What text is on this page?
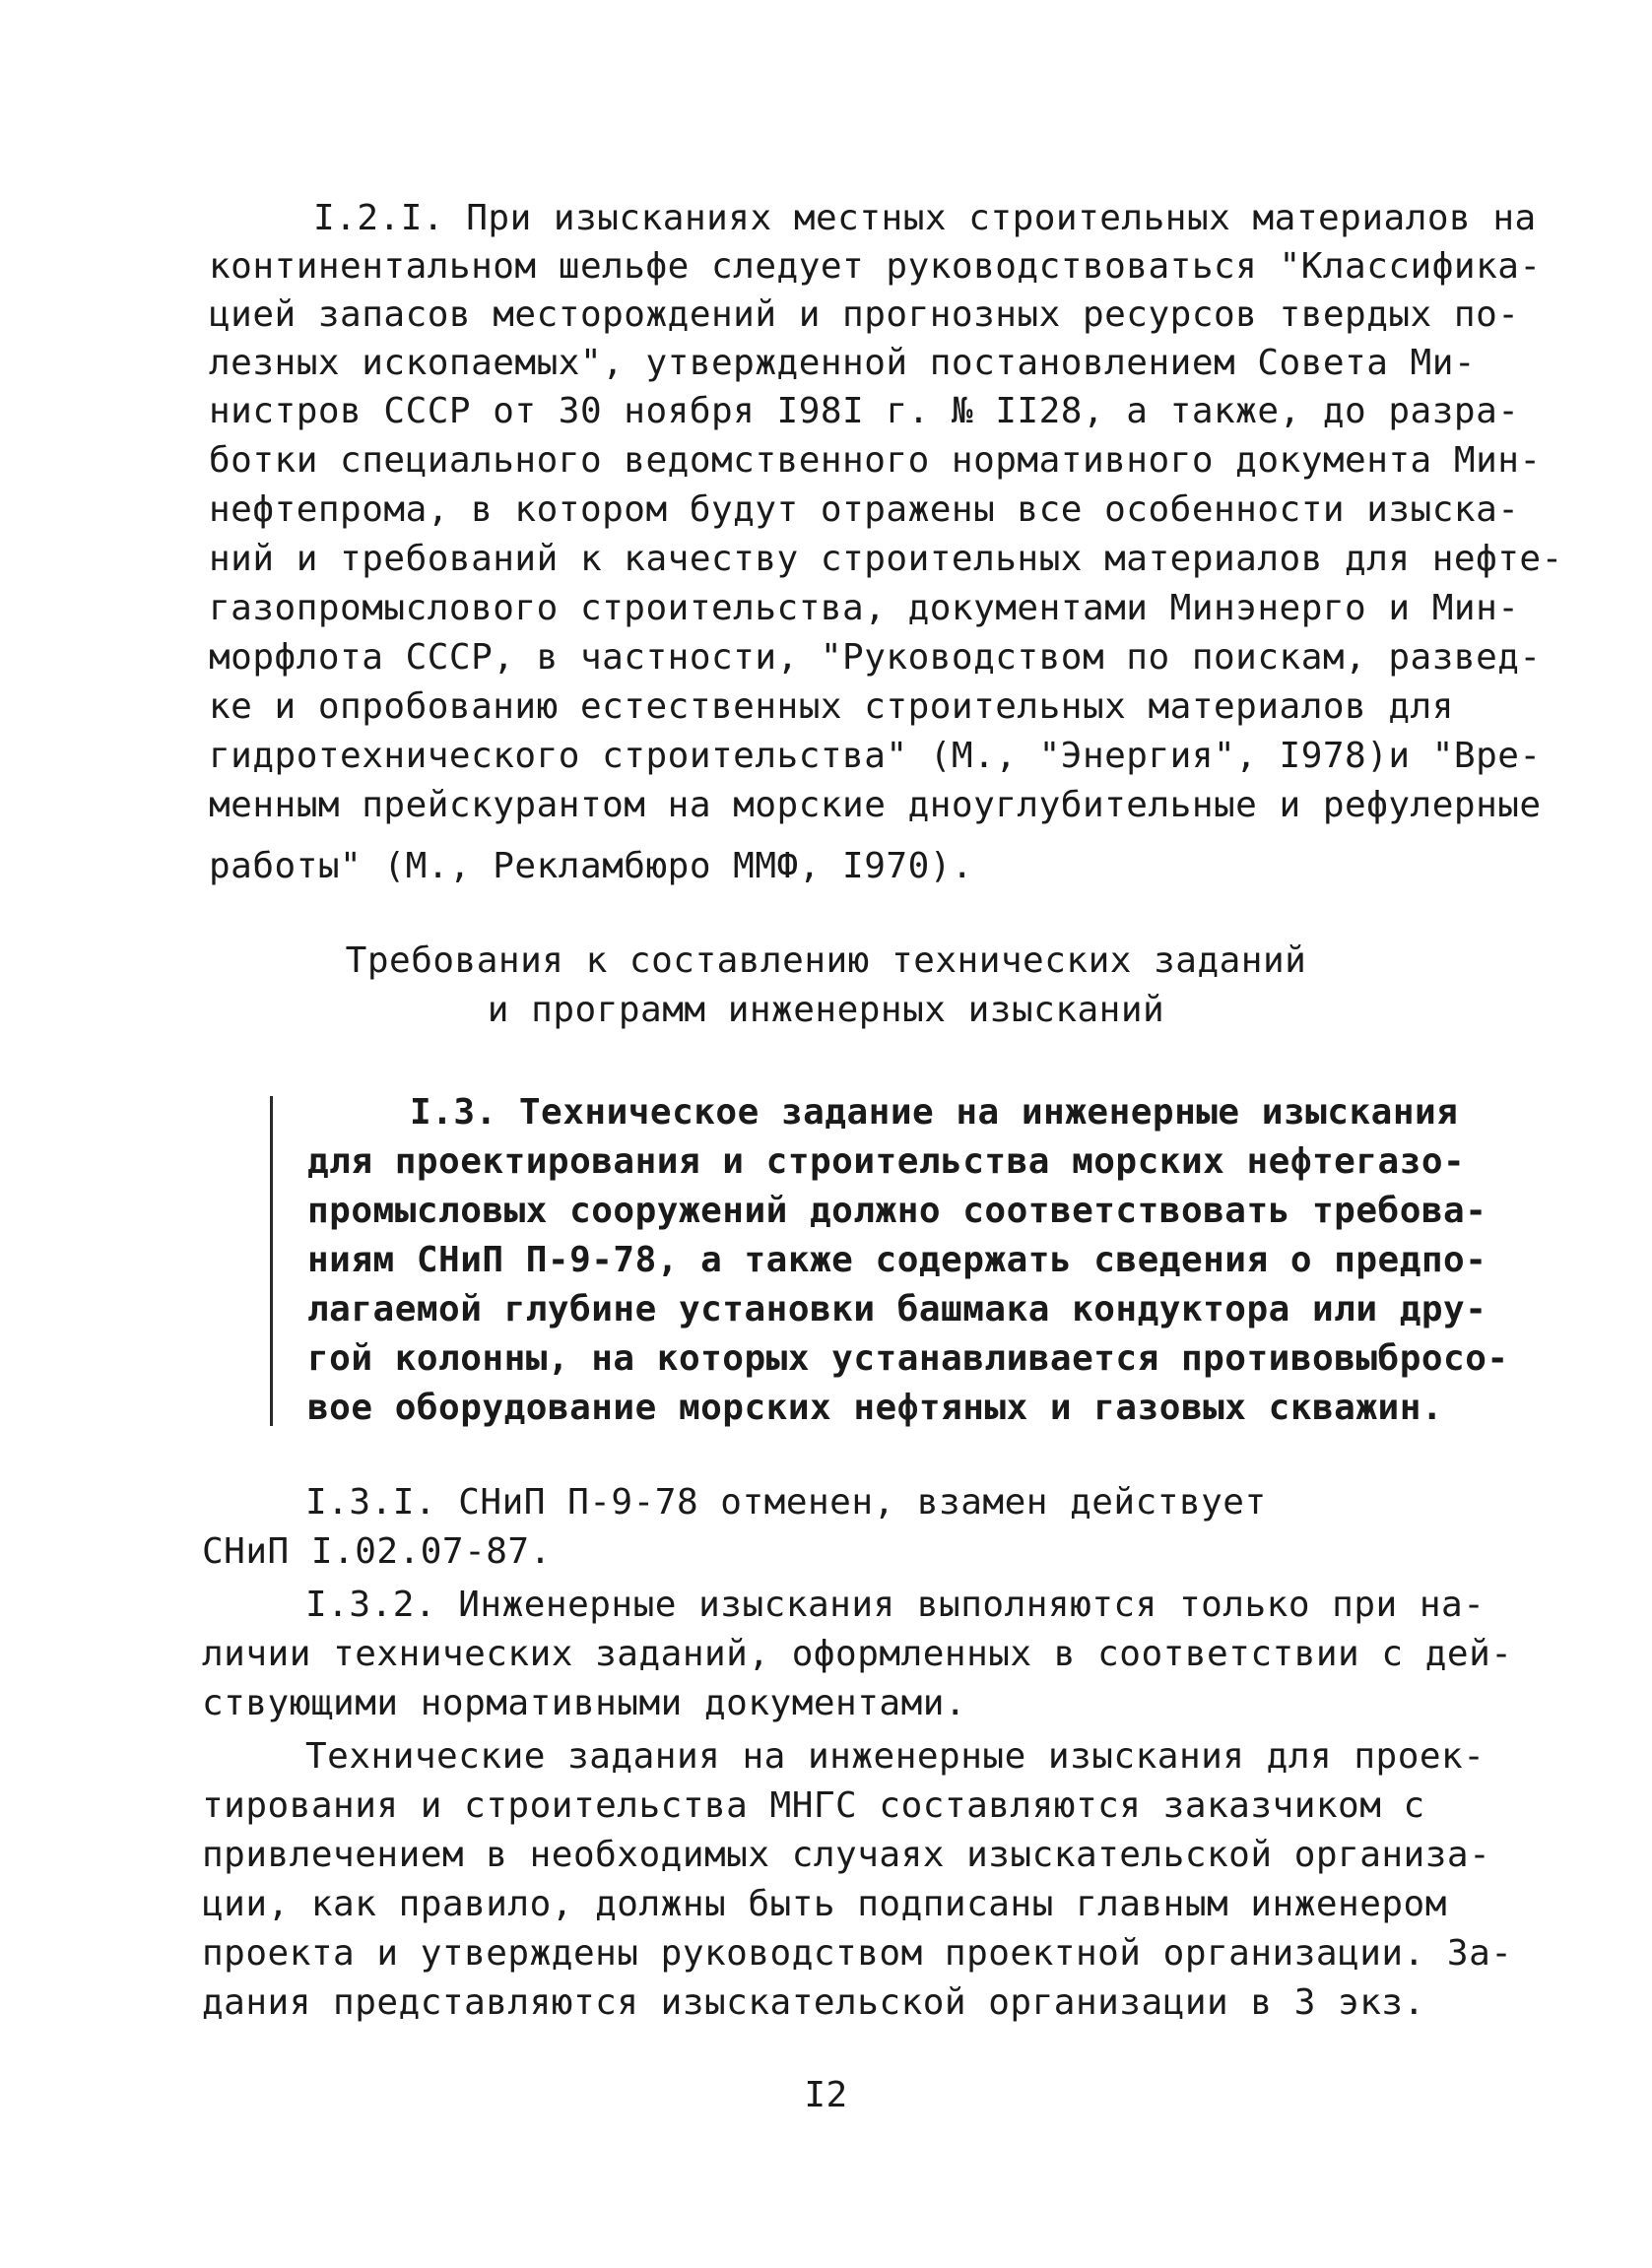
I.2.I. При изысканиях местных строительных материалов на
континентальном шельфе следует руководствоваться "Классифика-
цией запасов месторождений и прогнозных ресурсов твердых по-
лезных ископаемых", утвержденной постановлением Совета Ми-
нистров СССР от 30 ноября I98I г. № II28, а также, до разра-
ботки специального ведомственного нормативного документа Мин-
нефтепрома, в котором будут отражены все особенности изыска-
ний и требований к качеству строительных материалов для нефте-
газопромыслового строительства, документами Минэнерго и Мин-
морфлота СССР, в частности, "Руководством по поискам, развед-
ке и опробованию естественных строительных материалов для
гидротехнического строительства" (М., "Энергия", I978)и "Вре-
менным прейскурантом на морские дноуглубительные и рефулерные
работы" (М., Рекламбюро ММФ, I970).
Требования к составлению технических заданий
и программ инженерных изысканий
I.3. Техническое задание на инженерные изыскания
для проектирования и строительства морских нефтегазо-
промысловых сооружений должно соответствовать требова-
ниям СНиП П-9-78, а также содержать сведения о предпо-
лагаемой глубине установки башмака кондуктора или дру-
гой колонны, на которых устанавливается противовыбросо-
вое оборудование морских нефтяных и газовых скважин.
I.3.I. СНиП П-9-78 отменен, взамен действует
СНиП I.02.07-87.
I.3.2. Инженерные изыскания выполняются только при на-
личии технических заданий, оформленных в соответствии с дей-
ствующими нормативными документами.
Технические задания на инженерные изыскания для проек-
тирования и строительства МНГС составляются заказчиком с
привлечением в необходимых случаях изыскательской организа-
ции, как правило, должны быть подписаны главным инженером
проекта и утверждены руководством проектной организации. За-
дания представляются изыскательской организации в 3 экз.
I2
